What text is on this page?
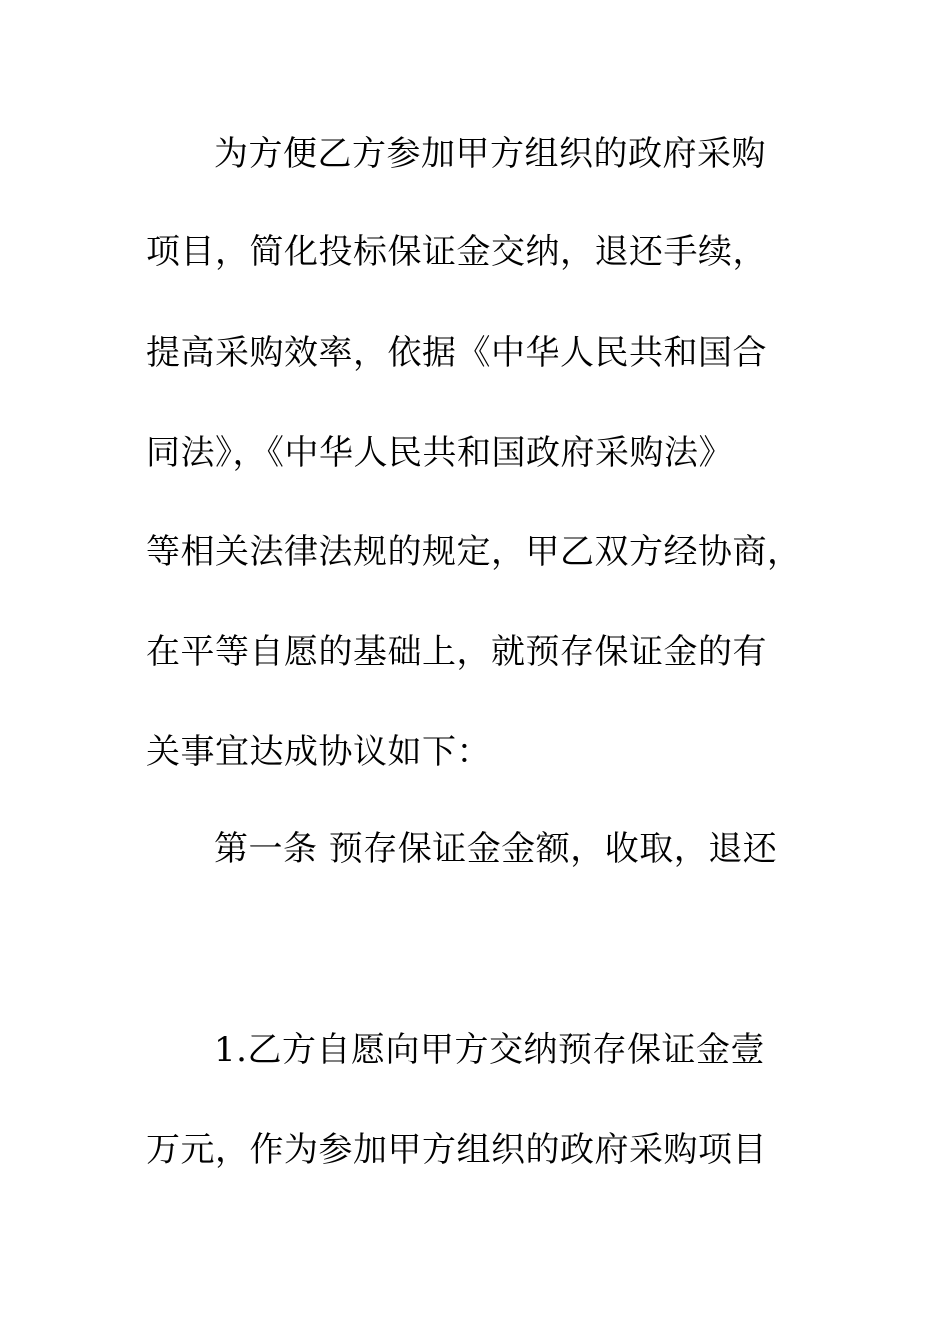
为方便乙方参加甲方组织的政府采购
项目，简化投标保证金交纳，退还手续，
提高采购效率，依据《中华人民共和国合
同法》，《中华人民共和国政府采购法》
等相关法律法规的规定，甲乙双方经协商，
在平等自愿的基础上，就预存保证金的有
关事宜达成协议如下：
第一条 预存保证金金额，收取，退还
1.乙方自愿向甲方交纳预存保证金壹
万元，作为参加甲方组织的政府采购项目
